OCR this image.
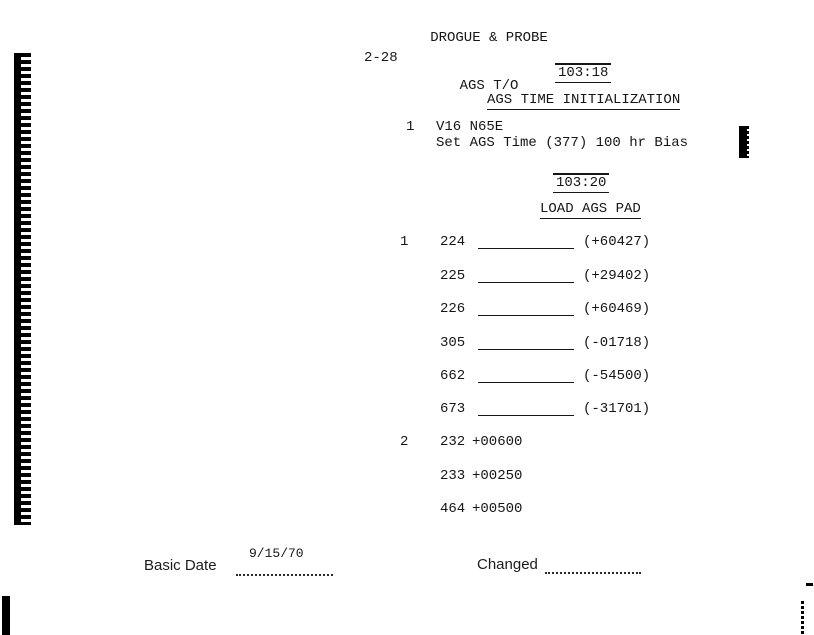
DROGUE & PROBE

AGS T/O

2-28
103:18
AGS TIME INITIALIZATION
1 V16 N65E
Set AGS Time (377) 100 hr Bias
103:20
LOAD AGS PAD
1 224	(+60427)
225	(+29402)
226	(+60469)
305	(-01718)
662	(-54500)
673	(-31701)
2 232 +00600
233 +00250
464 +00500
Basic Date
9/15/70
Changed
